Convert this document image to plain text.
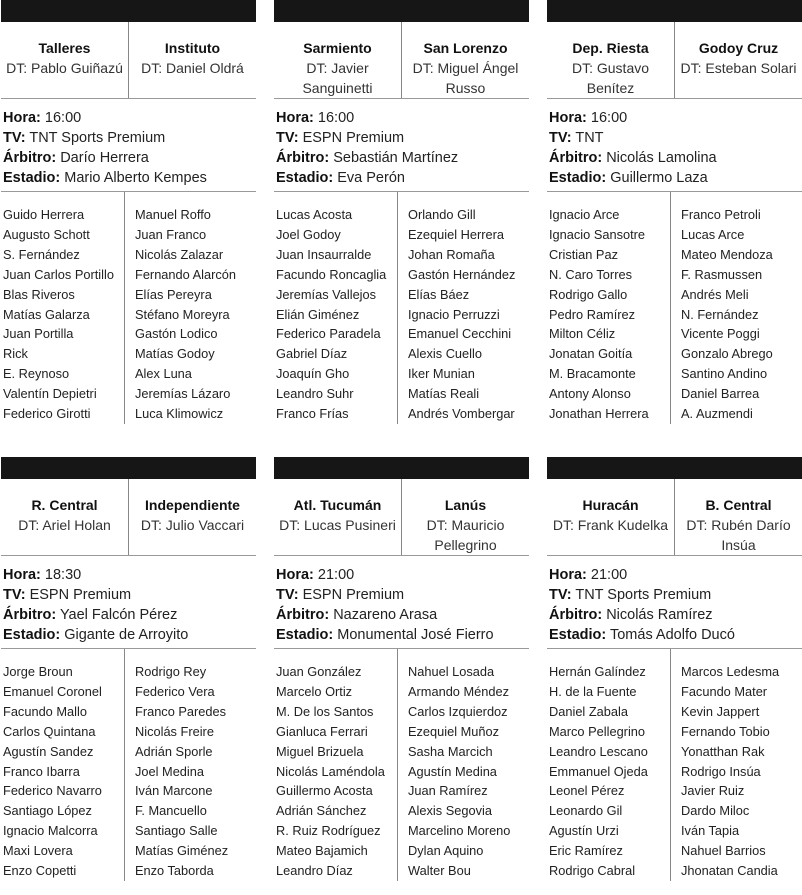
Talleres
DT: Pablo Guiñazú
Instituto
DT: Daniel Oldrá
Hora: 16:00
TV: TNT Sports Premium
Árbitro: Darío Herrera
Estadio: Mario Alberto Kempes
Guido Herrera
Augusto Schott
S. Fernández
Juan Carlos Portillo
Blas Riveros
Matías Galarza
Juan Portilla
Rick
E. Reynoso
Valentín Depietri
Federico Girotti
Manuel Roffo
Juan Franco
Nicolás Zalazar
Fernando Alarcón
Elías Pereyra
Stéfano Moreyra
Gastón Lodico
Matías Godoy
Alex Luna
Jeremías Lázaro
Luca Klimowicz
Sarmiento
DT: Javier Sanguinetti
San Lorenzo
DT: Miguel Ángel Russo
Hora: 16:00
TV: ESPN Premium
Árbitro: Sebastián Martínez
Estadio: Eva Perón
Lucas Acosta
Joel Godoy
Juan Insaurralde
Facundo Roncaglia
Jeremías Vallejos
Elián Giménez
Federico Paradela
Gabriel Díaz
Joaquín Gho
Leandro Suhr
Franco Frías
Orlando Gill
Ezequiel Herrera
Johan Romaña
Gastón Hernández
Elías Báez
Ignacio Perruzzi
Emanuel Cecchini
Alexis Cuello
Iker Munian
Matías Reali
Andrés Vombergar
Dep. Riesta
DT: Gustavo Benítez
Godoy Cruz
DT: Esteban Solari
Hora: 16:00
TV: TNT
Árbitro: Nicolás Lamolina
Estadio: Guillermo Laza
Ignacio Arce
Ignacio Sansotre
Cristian Paz
N. Caro Torres
Rodrigo Gallo
Pedro Ramírez
Milton Céliz
Jonatan Goitía
M. Bracamonte
Antony Alonso
Jonathan Herrera
Franco Petroli
Lucas Arce
Mateo Mendoza
F. Rasmussen
Andrés Meli
N. Fernández
Vicente Poggi
Gonzalo Abrego
Santino Andino
Daniel Barrea
A. Auzmendi
R. Central
DT: Ariel Holan
Independiente
DT: Julio Vaccari
Hora: 18:30
TV: ESPN Premium
Árbitro: Yael Falcón Pérez
Estadio: Gigante de Arroyito
Jorge Broun
Emanuel Coronel
Facundo Mallo
Carlos Quintana
Agustín Sandez
Franco Ibarra
Federico Navarro
Santiago López
Ignacio Malcorra
Maxi Lovera
Enzo Copetti
Rodrigo Rey
Federico Vera
Franco Paredes
Nicolás Freire
Adrián Sporle
Joel Medina
Iván Marcone
F. Mancuello
Santiago Salle
Matías Giménez
Enzo Taborda
Atl. Tucumán
DT: Lucas Pusineri
Lanús
DT: Mauricio Pellegrino
Hora: 21:00
TV: ESPN Premium
Árbitro: Nazareno Arasa
Estadio: Monumental José Fierro
Juan González
Marcelo Ortiz
M. De los Santos
Gianluca Ferrari
Miguel Brizuela
Nicolás Laméndola
Guillermo Acosta
Adrián Sánchez
R. Ruiz Rodríguez
Mateo Bajamich
Leandro Díaz
Nahuel Losada
Armando Méndez
Carlos Izquierdoz
Ezequiel Muñoz
Sasha Marcich
Agustín Medina
Juan Ramírez
Alexis Segovia
Marcelino Moreno
Dylan Aquino
Walter Bou
Huracán
DT: Frank Kudelka
B. Central
DT: Rubén Darío Insúa
Hora: 21:00
TV: TNT Sports Premium
Árbitro: Nicolás Ramírez
Estadio: Tomás Adolfo Ducó
Hernán Galíndez
H. de la Fuente
Daniel Zabala
Marco Pellegrino
Leandro Lescano
Emmanuel Ojeda
Leonel Pérez
Leonardo Gil
Agustín Urzi
Eric Ramírez
Rodrigo Cabral
Marcos Ledesma
Facundo Mater
Kevin Jappert
Fernando Tobio
Yonatthan Rak
Rodrigo Insúa
Javier Ruiz
Dardo Miloc
Iván Tapia
Nahuel Barrios
Jhonatan Candia
